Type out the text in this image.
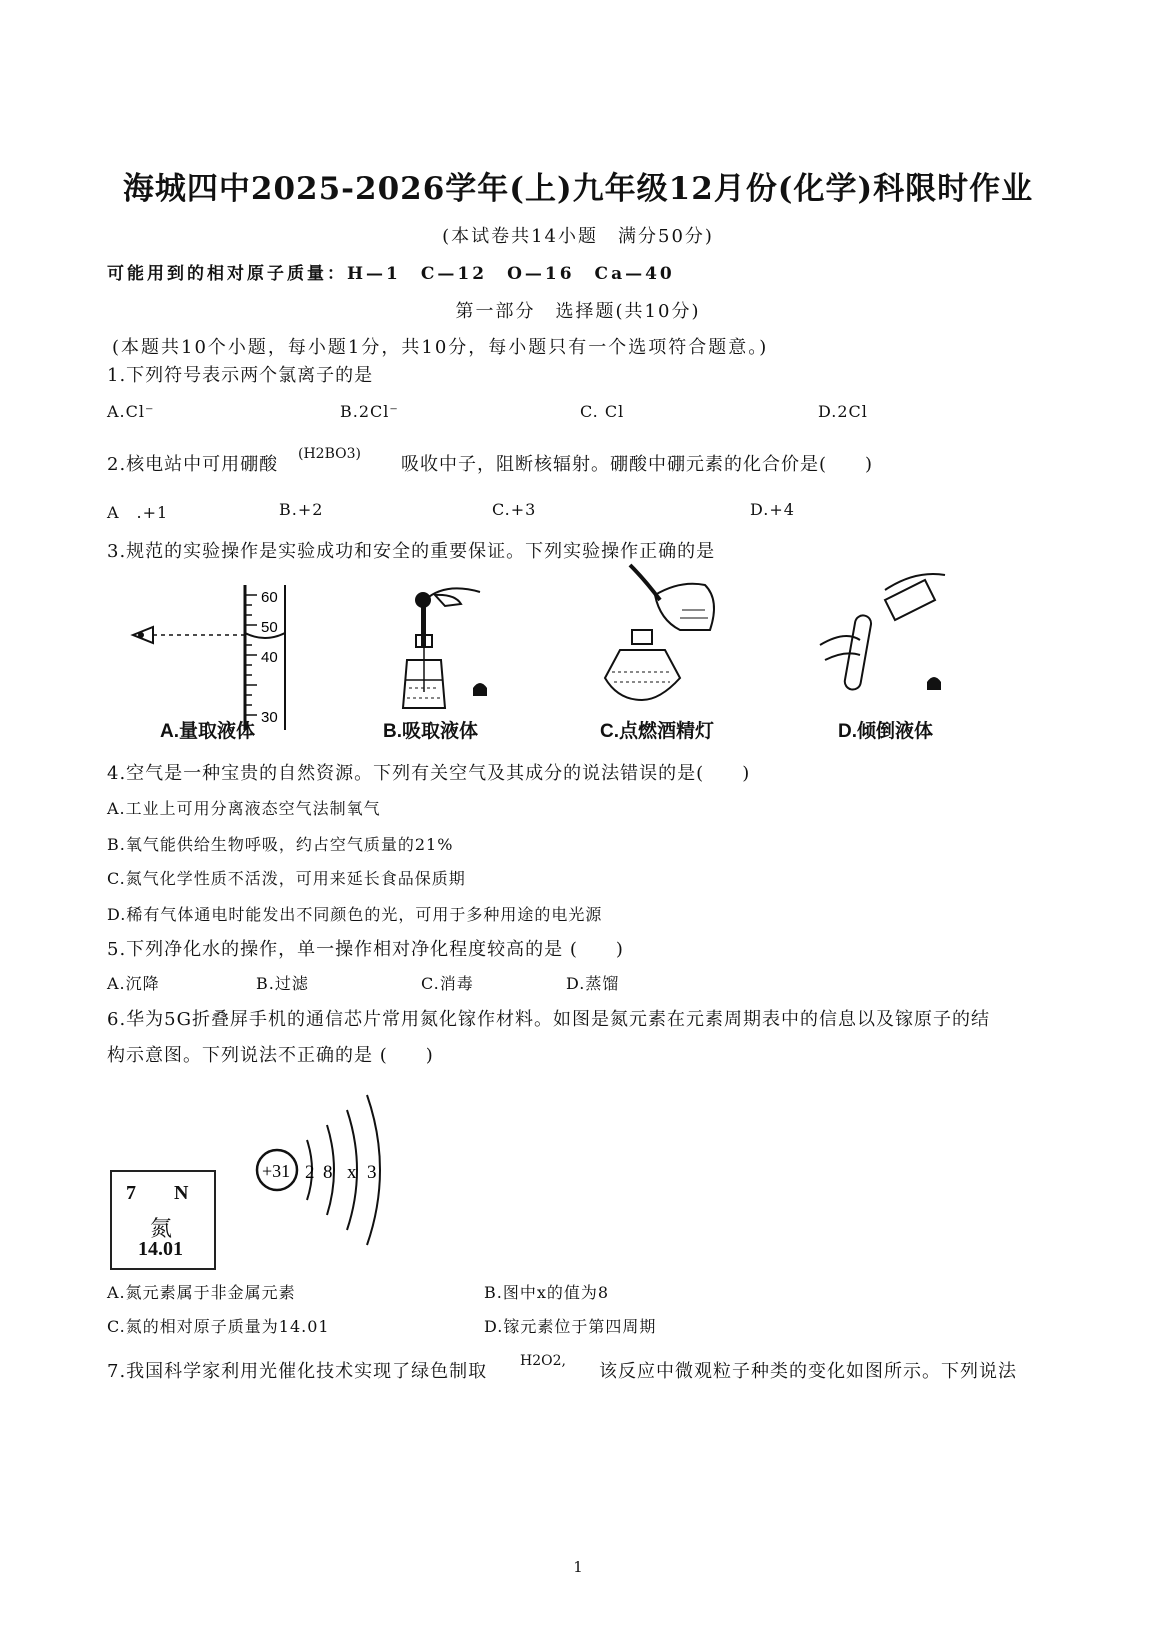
海城四中2025-2026学年(上)九年级12月份(化学)科限时作业
(本试卷共14小题　满分50分)
可能用到的相对原子质量：H—1　C—12　O—16　Ca—40
第一部分　选择题(共10分)
(本题共10个小题，每小题1分，共10分，每小题只有一个选项符合题意。)
1.下列符号表示两个氯离子的是
A.Cl⁻	B.2Cl⁻	C. Cl	D.2Cl
2.核电站中可用硼酸 (H2BO3) 吸收中子，阻断核辐射。硼酸中硼元素的化合价是(　　)
A　.+1	B.+2	C.+3	D.+4
3.规范的实验操作是实验成功和安全的重要保证。下列实验操作正确的是
60
50
40
30
A.量取液体	B.吸取液体	C.点燃酒精灯	D.倾倒液体
4.空气是一种宝贵的自然资源。下列有关空气及其成分的说法错误的是(　　)
A.工业上可用分离液态空气法制氧气
B.氧气能供给生物呼吸，约占空气质量的21%
C.氮气化学性质不活泼，可用来延长食品保质期
D.稀有气体通电时能发出不同颜色的光，可用于多种用途的电光源
5.下列净化水的操作，单一操作相对净化程度较高的是 (　　)
A.沉降	B.过滤	C.消毒	D.蒸馏
6.华为5G折叠屏手机的通信芯片常用氮化镓作材料。如图是氮元素在元素周期表中的信息以及镓原子的结
构示意图。下列说法不正确的是 (　　)
7 N
氮
14.01
+31 2 8 x 3
A.氮元素属于非金属元素	B.图中x的值为8
C.氮的相对原子质量为14.01	D.镓元素位于第四周期
7.我国科学家利用光催化技术实现了绿色制取 H2O2, 该反应中微观粒子种类的变化如图所示。下列说法
1
